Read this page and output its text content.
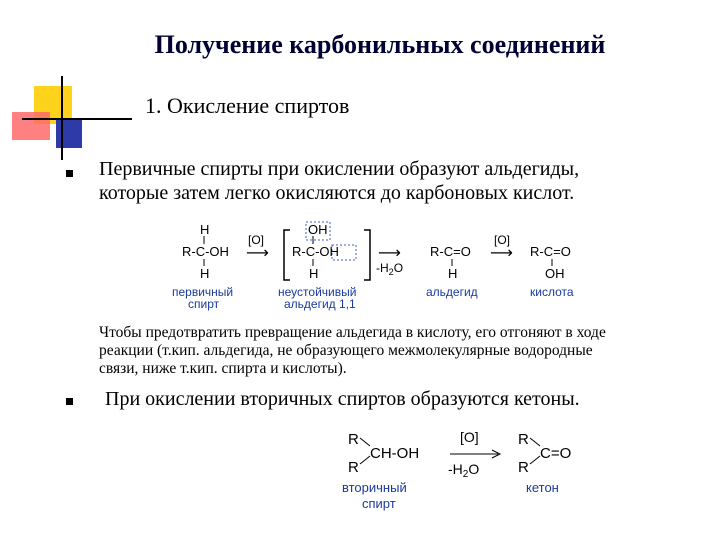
Получение карбонильных соединений
1. Окисление спиртов
Первичные спирты при окислении образуют альдегиды,
которые затем легко окисляются до карбоновых кислот.
H
R-C-OH
H
[O]
⟶
OH
R-C-OH
H
⟶
$-H_2O$
R-C=O
H
[O]
⟶ R-C=O
OH
первичный
спирт
неустойчивый
альдегид 1,1
альдегид	кислота
Чтобы предотвратить превращение альдегида в кислоту, его отгоняют в ходе
реакции (т.кип. альдегида, не образующего межмолекулярные водородные
связи, ниже т.кип. спирта и кислоты).
При окислении вторичных спиртов образуются кетоны.
R
CH-OH
R
[O]
$-H_2O$
R
C=O
R
вторичный
спирт
кетон
